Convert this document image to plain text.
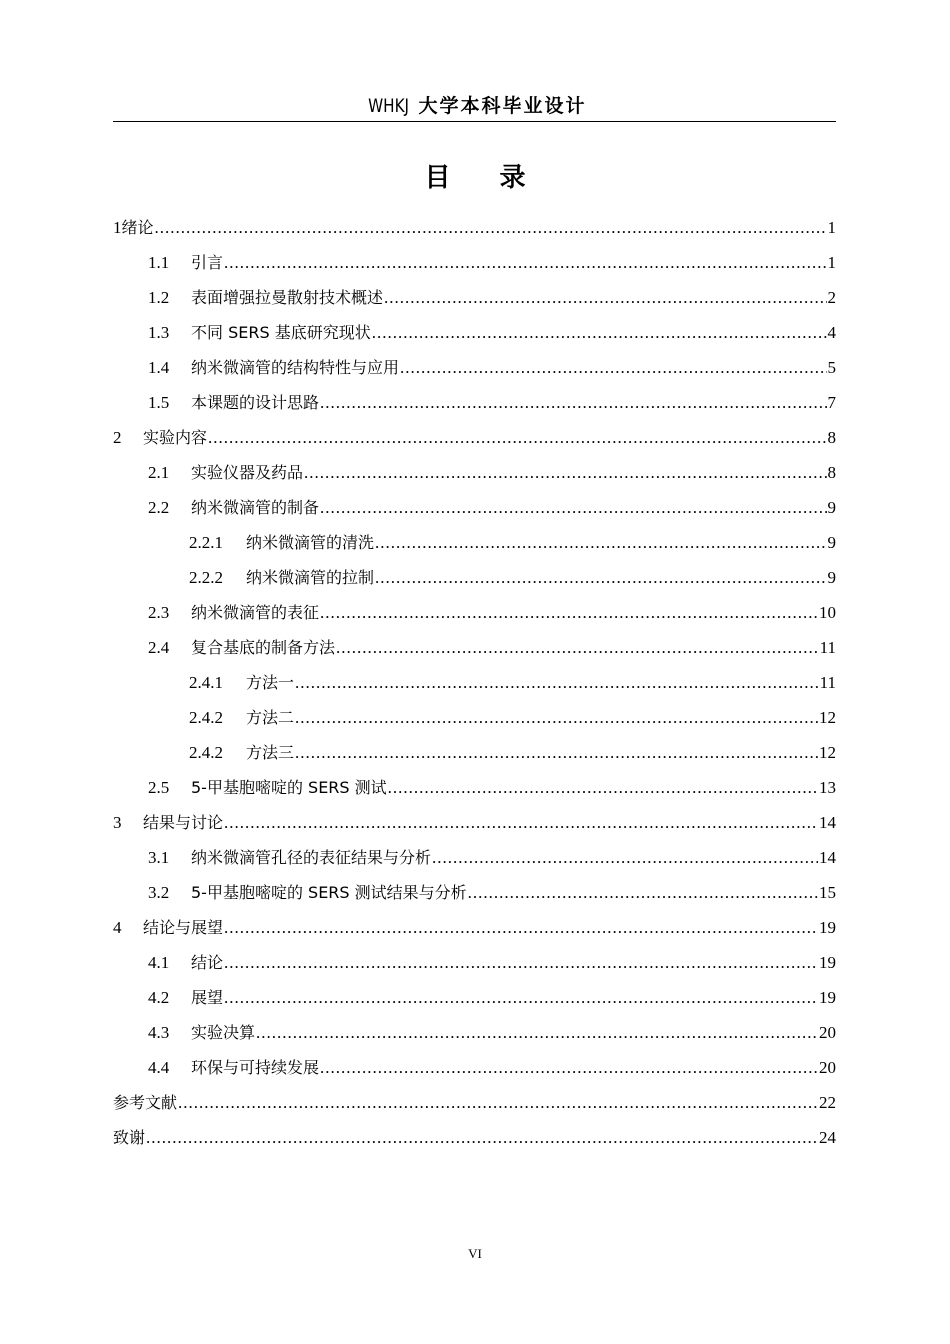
WHKJ 大学本科毕业设计
目 录
1 绪论 .....	1
1.1	引言 .....	1
1.2	表面增强拉曼散射技术概述 .....	2
1.3	不同 SERS 基底研究现状 .....	4
1.4	纳米微滴管的结构特性与应用 .....	5
1.5	本课题的设计思路 .....	7
2	实验内容 .....	8
2.1	实验仪器及药品 .....	8
2.2	纳米微滴管的制备 .....	9
2.2.1	纳米微滴管的清洗 .....	9
2.2.2	纳米微滴管的拉制 .....	9
2.3	纳米微滴管的表征 .....	10
2.4	复合基底的制备方法 .....	11
2.4.1	方法一 .....	11
2.4.2	方法二 .....	12
2.4.2	方法三 .....	12
2.5	5-甲基胞嘧啶的 SERS 测试 .....	13
3	结果与讨论 .....	14
3.1	纳米微滴管孔径的表征结果与分析 .....	14
3.2	5-甲基胞嘧啶的 SERS 测试结果与分析 .....	15
4	结论与展望 .....	19
4.1	结论 .....	19
4.2	展望 .....	19
4.3	实验决算 .....	20
4.4	环保与可持续发展 .....	20
参考文献 .....	22
致谢 .....	24
VI
